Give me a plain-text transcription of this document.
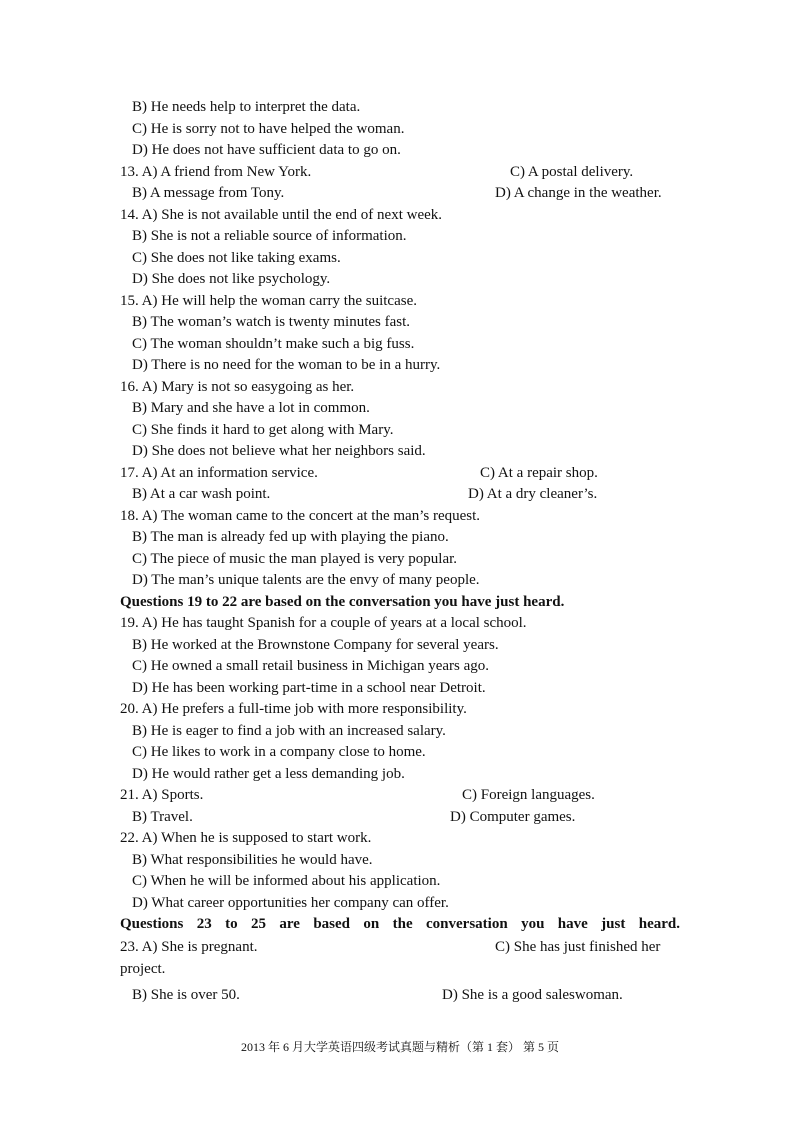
B) He needs help to interpret the data.
C) He is sorry not to have helped the woman.
D) He does not have sufficient data to go on.
13. A) A friend from New York.	C) A postal delivery.
B) A message from Tony.	D) A change in the weather.
14. A) She is not available until the end of next week.
B) She is not a reliable source of information.
C) She does not like taking exams.
D) She does not like psychology.
15. A) He will help the woman carry the suitcase.
B) The woman’s watch is twenty minutes fast.
C) The woman shouldn’t make such a big fuss.
D) There is no need for the woman to be in a hurry.
16. A) Mary is not so easygoing as her.
B) Mary and she have a lot in common.
C) She finds it hard to get along with Mary.
D) She does not believe what her neighbors said.
17. A) At an information service.	C) At a repair shop.
B) At a car wash point.	D) At a dry cleaner’s.
18. A) The woman came to the concert at the man’s request.
B) The man is already fed up with playing the piano.
C) The piece of music the man played is very popular.
D) The man’s unique talents are the envy of many people.
Questions 19 to 22 are based on the conversation you have just heard.
19. A) He has taught Spanish for a couple of years at a local school.
B) He worked at the Brownstone Company for several years.
C) He owned a small retail business in Michigan years ago.
D) He has been working part-time in a school near Detroit.
20. A) He prefers a full-time job with more responsibility.
B) He is eager to find a job with an increased salary.
C) He likes to work in a company close to home.
D) He would rather get a less demanding job.
21. A) Sports.	C) Foreign languages.
B) Travel.	D) Computer games.
22. A) When he is supposed to start work.
B) What responsibilities he would have.
C) When he will be informed about his application.
D) What career opportunities her company can offer.
Questions 23 to 25 are based on the conversation you have just heard.
23. A) She is pregnant.	C) She has just finished her
project.
B) She is over 50.	D) She is a good saleswoman.
2013 年 6 月大学英语四级考试真题与精析（第 1 套） 第 5 页
